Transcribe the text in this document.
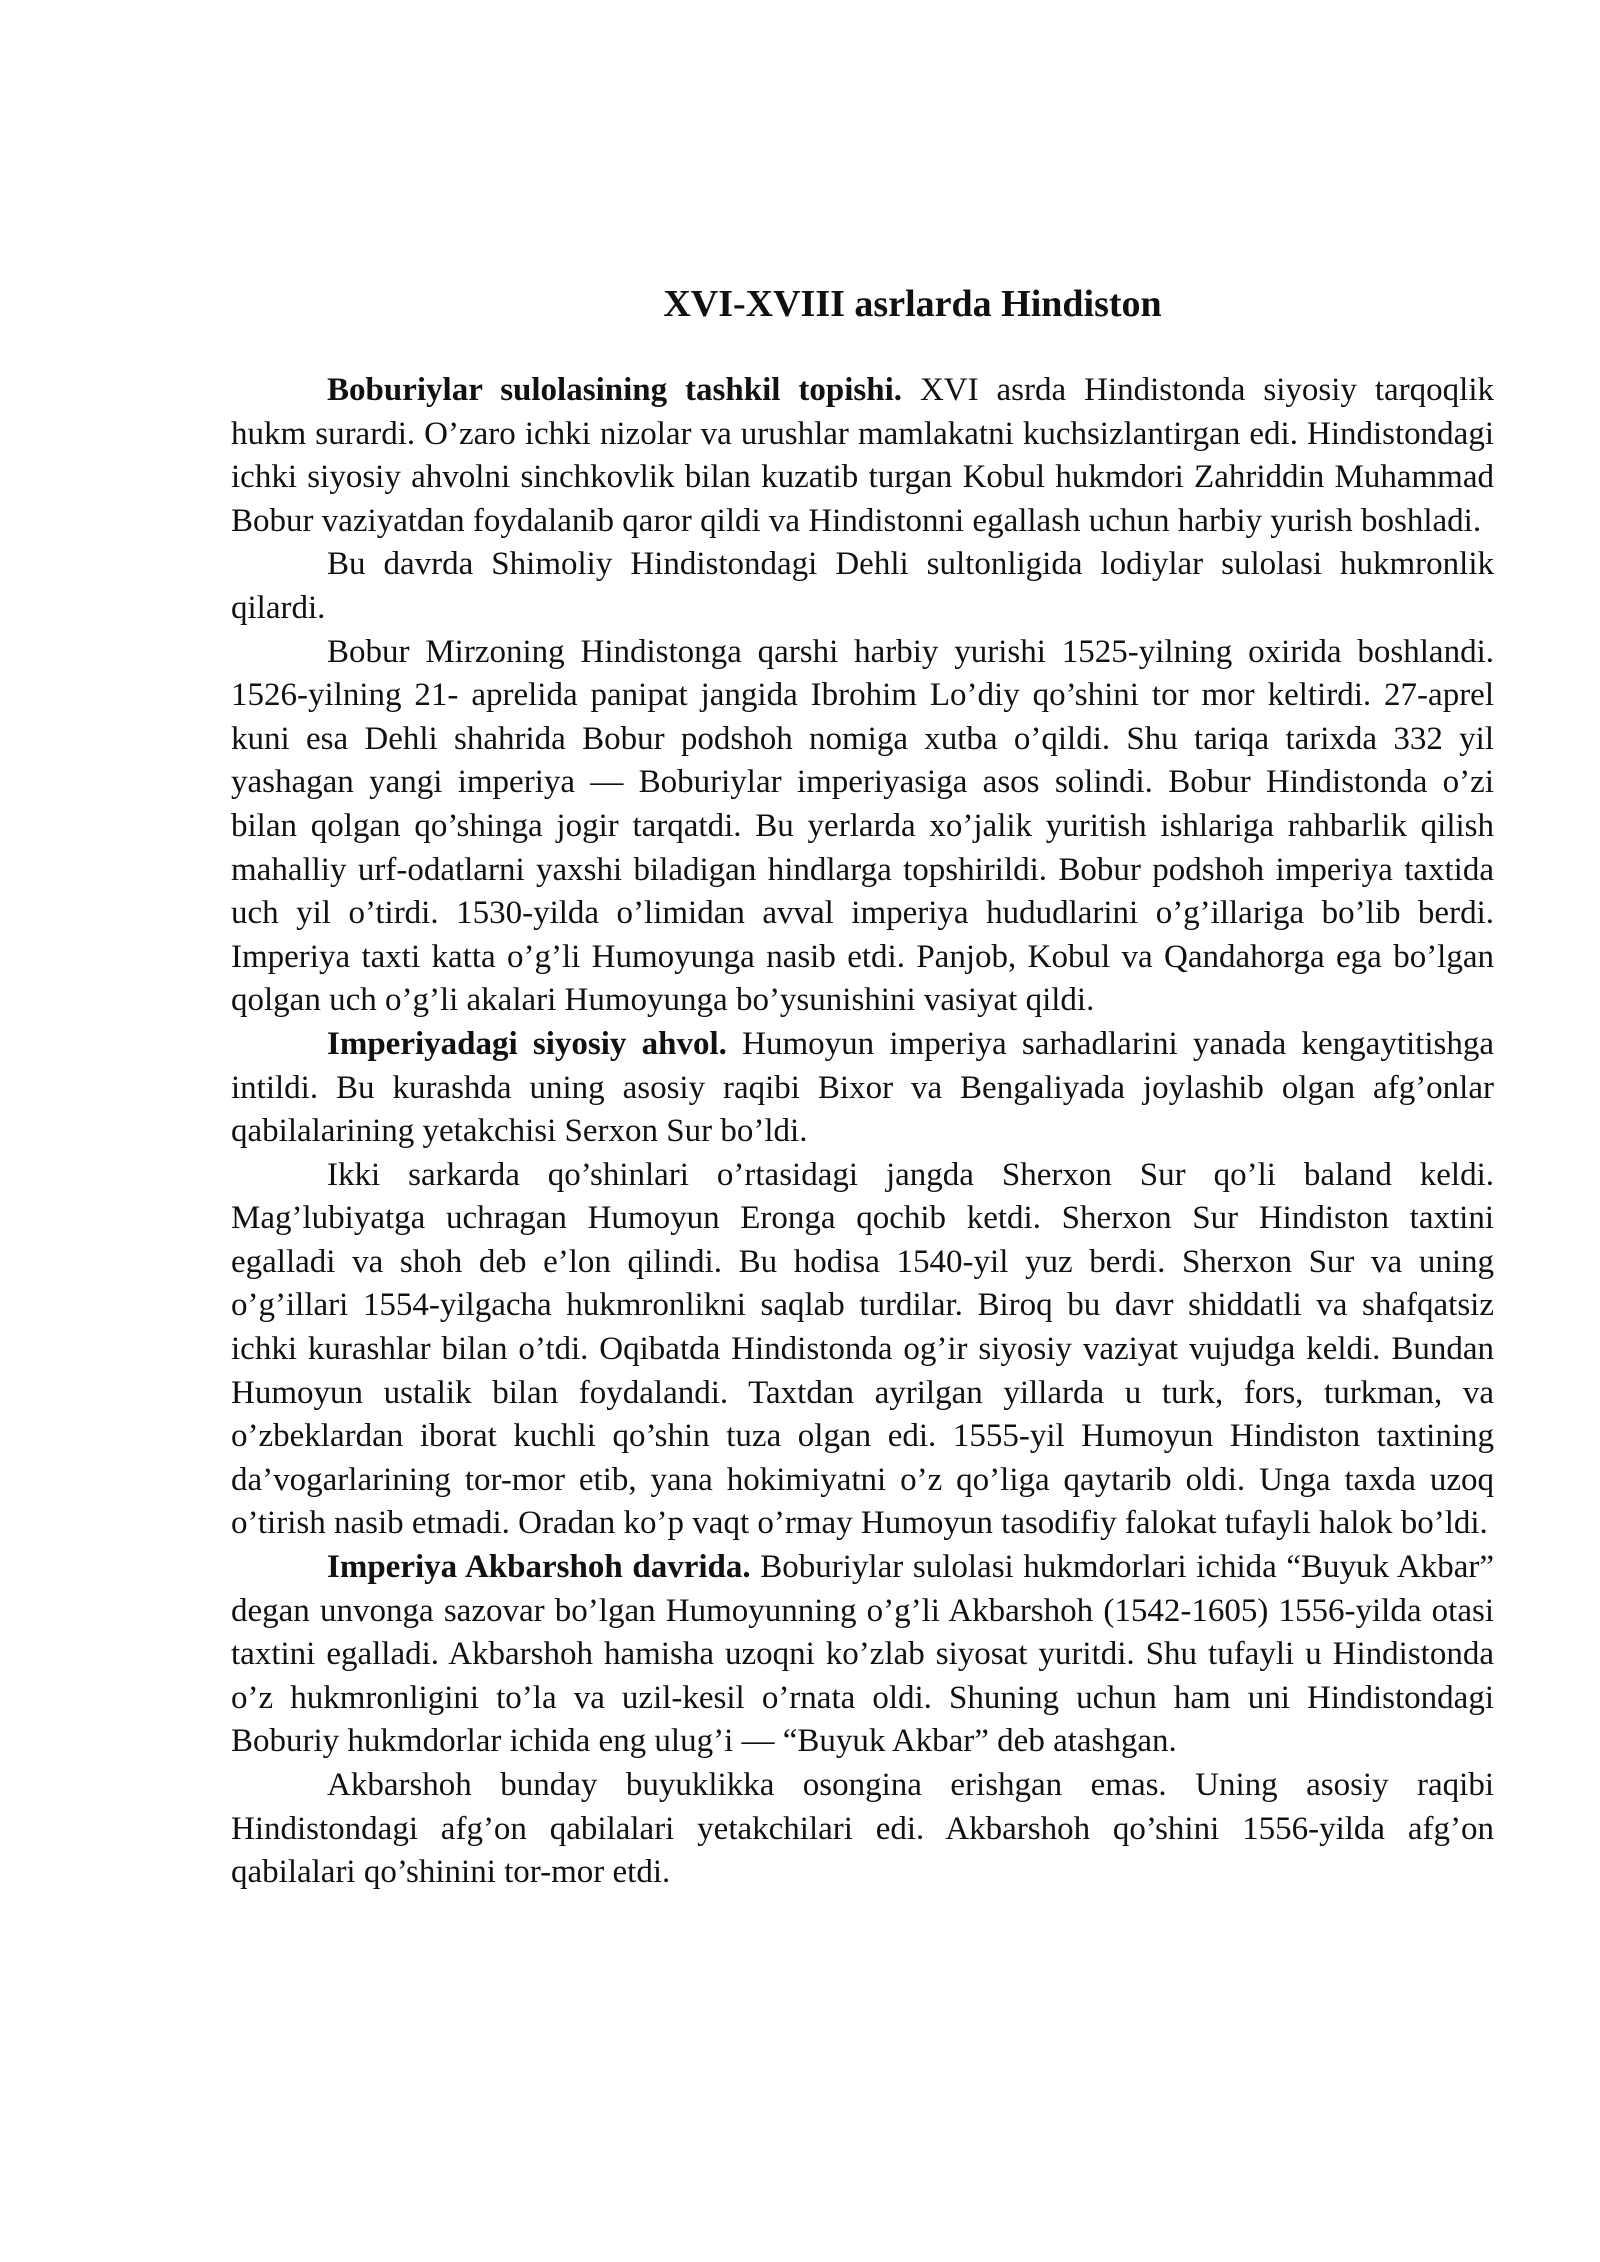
XVI-XVIII asrlarda Hindiston

Boburiylar sulolasining tashkil topishi. XVI asrda Hindistonda siyosiy tarqoqlik hukm surardi. O’zaro ichki nizolar va urushlar mamlakatni kuchsizlantirgan edi. Hindistondagi ichki siyosiy ahvolni sinchkovlik bilan kuzatib turgan Kobul hukmdori Zahriddin Muhammad Bobur vaziyatdan foydalanib qaror qildi va Hindistonni egallash uchun harbiy yurish boshladi.

Bu davrda Shimoliy Hindistondagi Dehli sultonligida lodiylar sulolasi hukmronlik qilardi.

Bobur Mirzoning Hindistonga qarshi harbiy yurishi 1525-yilning oxirida boshlandi. 1526-yilning 21- aprelida panipat jangida Ibrohim Lo’diy qo’shini tor mor keltirdi. 27-aprel kuni esa Dehli shahrida Bobur podshoh nomiga xutba o’qildi. Shu tariqa tarixda 332 yil yashagan yangi imperiya — Boburiylar imperiyasiga asos solindi. Bobur Hindistonda o’zi bilan qolgan qo’shinga jogir tarqatdi. Bu yerlarda xo’jalik yuritish ishlariga rahbarlik qilish mahalliy urf-odatlarni yaxshi biladigan hindlarga topshirildi. Bobur podshoh imperiya taxtida uch yil o’tirdi. 1530-yilda o’limidan avval imperiya hududlarini o’g’illariga bo’lib berdi. Imperiya taxti katta o’g’li Humoyunga nasib etdi. Panjob, Kobul va Qandahorga ega bo’lgan qolgan uch o’g’li akalari Humoyunga bo’ysunishini vasiyat qildi.

Imperiyadagi siyosiy ahvol. Humoyun imperiya sarhadlarini yanada kengaytitishga intildi. Bu kurashda uning asosiy raqibi Bixor va Bengaliyada joylashib olgan afg’onlar qabilalarining yetakchisi Serxon Sur bo’ldi.

Ikki sarkarda qo’shinlari o’rtasidagi jangda Sherxon Sur qo’li baland keldi. Mag’lubiyatga uchragan Humoyun Eronga qochib ketdi. Sherxon Sur Hindiston taxtini egalladi va shoh deb e’lon qilindi. Bu hodisa 1540-yil yuz berdi. Sherxon Sur va uning o’g’illari 1554-yilgacha hukmronlikni saqlab turdilar. Biroq bu davr shiddatli va shafqatsiz ichki kurashlar bilan o’tdi. Oqibatda Hindistonda og’ir siyosiy vaziyat vujudga keldi. Bundan Humoyun ustalik bilan foydalandi. Taxtdan ayrilgan yillarda u turk, fors, turkman, va o’zbeklardan iborat kuchli qo’shin tuza olgan edi. 1555-yil Humoyun Hindiston taxtining da’vogarlarining tor-mor etib, yana hokimiyatni o’z qo’liga qaytarib oldi. Unga taxda uzoq o’tirish nasib etmadi. Oradan ko’p vaqt o’rmay Humoyun tasodifiy falokat tufayli halok bo’ldi.

Imperiya Akbarshoh davrida. Boburiylar sulolasi hukmdorlari ichida “Buyuk Akbar” degan unvonga sazovar bo’lgan Humoyunning o’g’li Akbarshoh (1542-1605) 1556-yilda otasi taxtini egalladi. Akbarshoh hamisha uzoqni ko’zlab siyosat yuritdi. Shu tufayli u Hindistonda o’z hukmronligini to’la va uzil-kesil o’rnata oldi. Shuning uchun ham uni Hindistondagi Boburiy hukmdorlar ichida eng ulug’i — “Buyuk Akbar” deb atashgan.

Akbarshoh bunday buyuklikka osongina erishgan emas. Uning asosiy raqibi Hindistondagi afg’on qabilalari yetakchilari edi. Akbarshoh qo’shini 1556-yilda afg’on qabilalari qo’shinini tor-mor etdi.
